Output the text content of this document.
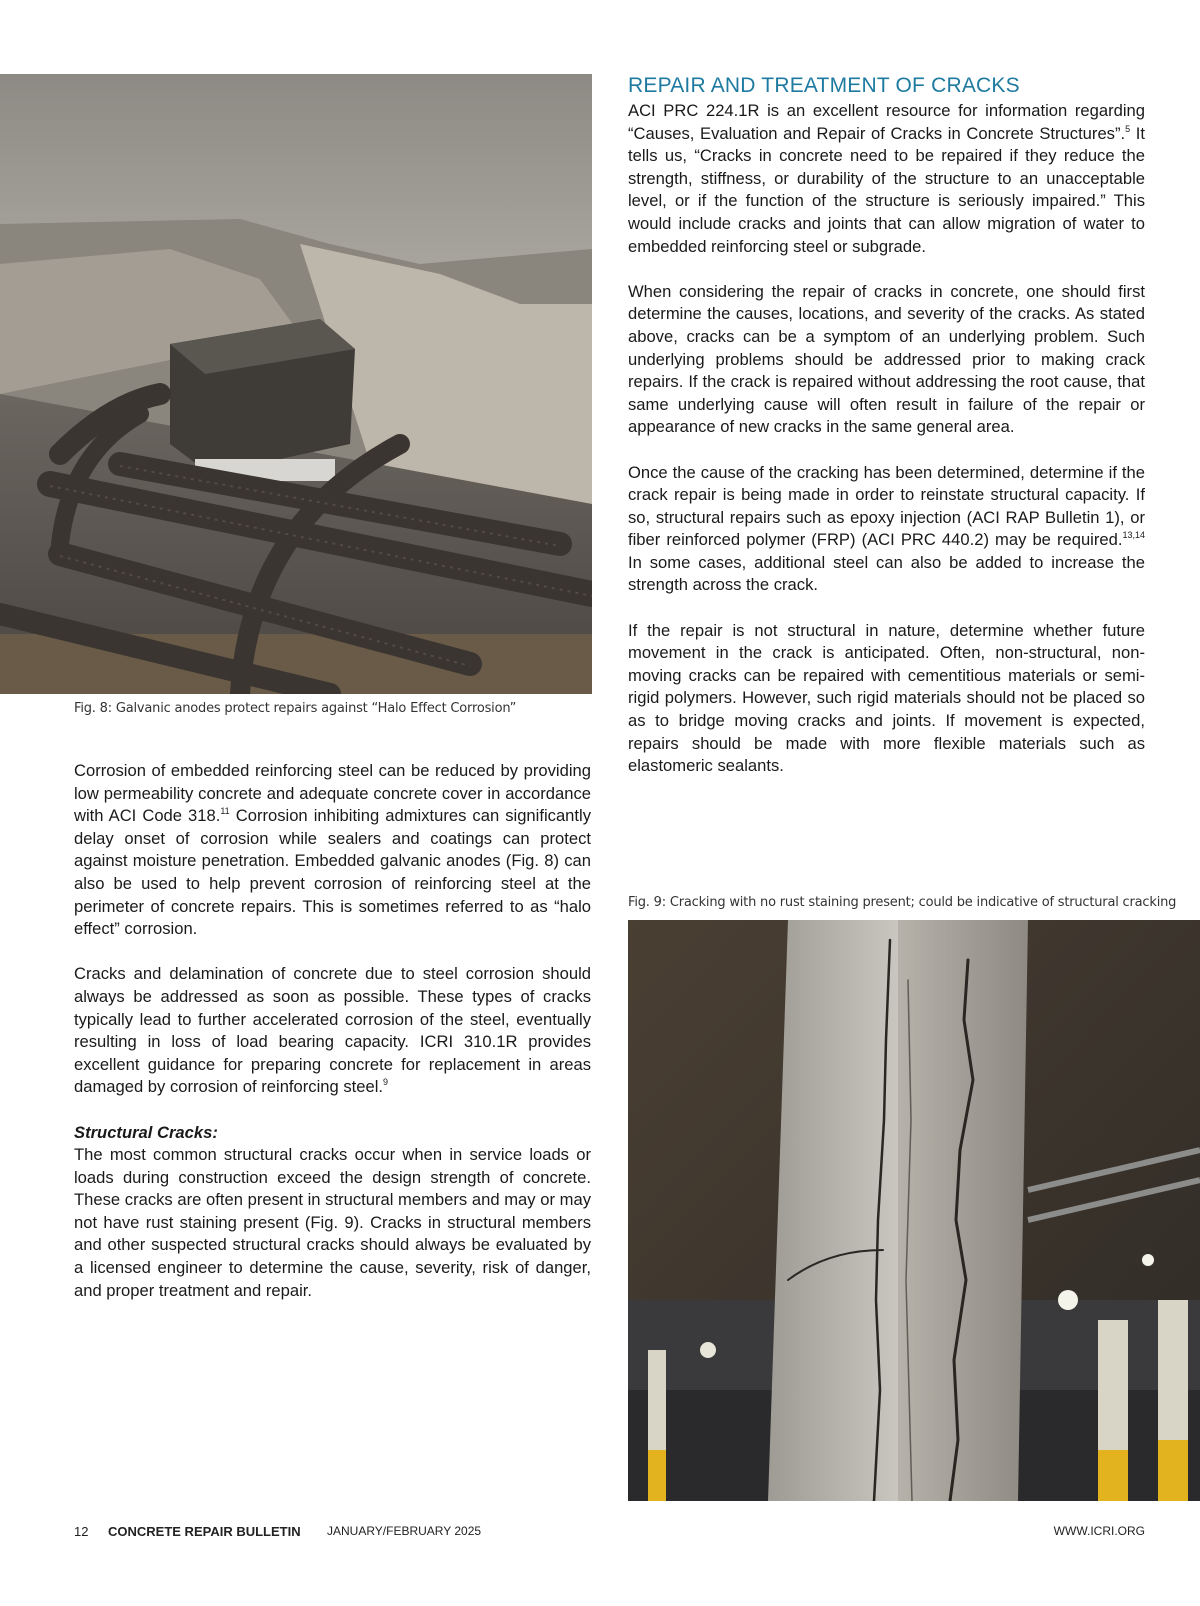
Fig. 8: Galvanic anodes protect repairs against “Halo Effect Corrosion”

Corrosion of embedded reinforcing steel can be reduced by providing low permeability concrete and adequate concrete cover in accordance with ACI Code 318.11 Corrosion inhibiting admixtures can significantly delay onset of corrosion while sealers and coatings can protect against moisture penetration. Embedded galvanic anodes (Fig. 8) can also be used to help prevent corrosion of reinforcing steel at the perimeter of concrete repairs. This is sometimes referred to as “halo effect” corrosion.

Cracks and delamination of concrete due to steel corrosion should always be addressed as soon as possible. These types of cracks typically lead to further accelerated corrosion of the steel, eventually resulting in loss of load bearing capacity. ICRI 310.1R provides excellent guidance for preparing concrete for replacement in areas damaged by corrosion of reinforcing steel.$^9$

Structural Cracks:

The most common structural cracks occur when in service loads or loads during construction exceed the design strength of concrete. These cracks are often present in structural members and may or may not have rust staining present (Fig. 9). Cracks in structural members and other suspected structural cracks should always be evaluated by a licensed engineer to determine the cause, severity, risk of danger, and proper treatment and repair.

REPAIR AND TREATMENT OF CRACKS

ACI PRC 224.1R is an excellent resource for information regarding “Causes, Evaluation and Repair of Cracks in Concrete Structures”.$^5$ It tells us, “Cracks in concrete need to be repaired if they reduce the strength, stiffness, or durability of the structure to an unacceptable level, or if the function of the structure is seriously impaired.” This would include cracks and joints that can allow migration of water to embedded reinforcing steel or subgrade.

When considering the repair of cracks in concrete, one should first determine the causes, locations, and severity of the cracks. As stated above, cracks can be a symptom of an underlying problem. Such underlying problems should be addressed prior to making crack repairs. If the crack is repaired without addressing the root cause, that same underlying cause will often result in failure of the repair or appearance of new cracks in the same general area.

Once the cause of the cracking has been determined, determine if the crack repair is being made in order to reinstate structural capacity. If so, structural repairs such as epoxy injection (ACI RAP Bulletin 1), or fiber reinforced polymer (FRP) (ACI PRC 440.2) may be required.$^{13,14}$ In some cases, additional steel can also be added to increase the strength across the crack.

If the repair is not structural in nature, determine whether future movement in the crack is anticipated. Often, non-structural, non-moving cracks can be repaired with cementitious materials or semi-rigid polymers. However, such rigid materials should not be placed so as to bridge moving cracks and joints. If movement is expected, repairs should be made with more flexible materials such as elastomeric sealants.

Fig. 9: Cracking with no rust staining present; could be indicative of structural cracking
12 CONCRETE REPAIR BULLETIN JANUARY/FEBRUARY 2025	WWW.ICRI.ORG
